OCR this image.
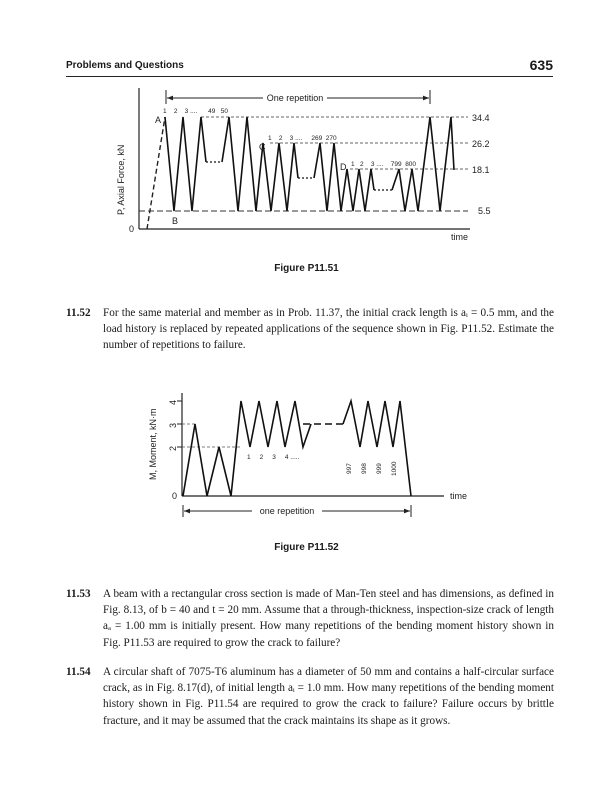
Problems and Questions	635
P, Axial Force, kN
0
time
One repetition
34.4
26.2
18.1
5.5
A
B
C
D
1    2    3 ....      49   50
1    2    3 ....     269  270
1   2    3 ....    799  800
Figure P11.51
11.52 For the same material and member as in Prob. 11.37, the initial crack length is aᵢ = 0.5 mm, and the load history is replaced by repeated applications of the sequence shown in Fig. P11.52. Estimate the number of repetitions to failure.
M, Moment, kN·m
0	time
4
3
2
1     2     3     4 .....
997 998 999 1000
one repetition
Figure P11.52
11.53 A beam with a rectangular cross section is made of Man-Ten steel and has dimensions, as defined in Fig. 8.13, of b = 40 and t = 20 mm. Assume that a through-thickness, inspection-size crack of length aₐ = 1.00 mm is initially present. How many repetitions of the bending moment history shown in Fig. P11.53 are required to grow the crack to failure?
11.54 A circular shaft of 7075-T6 aluminum has a diameter of 50 mm and contains a half-circular surface crack, as in Fig. 8.17(d), of initial length aᵢ = 1.0 mm. How many repetitions of the bending moment history shown in Fig. P11.54 are required to grow the crack to failure? Failure occurs by brittle fracture, and it may be assumed that the crack maintains its shape as it grows.
